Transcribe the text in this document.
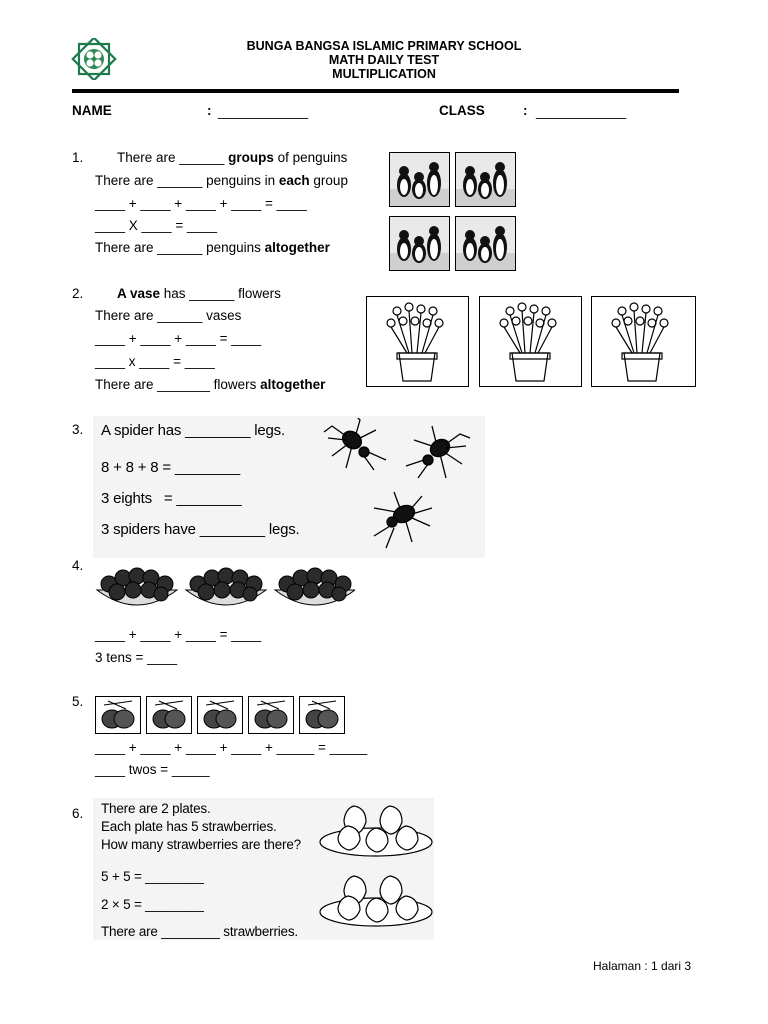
BUNGA BANGSA ISLAMIC PRIMARY SCHOOL
MATH DAILY TEST
MULTIPLICATION
NAME	: ____________	CLASS	: ____________
1. There are ______ groups of penguins
There are ______ penguins in each group
____ + ____ + ____ + ____ = ____
____ X ____ = ____
There are ______ penguins altogether
2. A vase has ______ flowers
There are ______ vases
____ + ____ + ____ = ____
____ x ____ = ____
There are _______ flowers altogether
3. A spider has ________ legs.
8 + 8 + 8 = ________
3 eights   = ________
3 spiders have ________ legs.
4.
____ + ____ + ____ = ____
3 tens = ____
5.
____ + ____ + ____ + ____ + _____ = _____
____ twos = _____
6. There are 2 plates.
Each plate has 5 strawberries.
How many strawberries are there?
5 + 5 = ________
2 × 5 = ________
There are ________ strawberries.
Halaman : 1 dari 3
